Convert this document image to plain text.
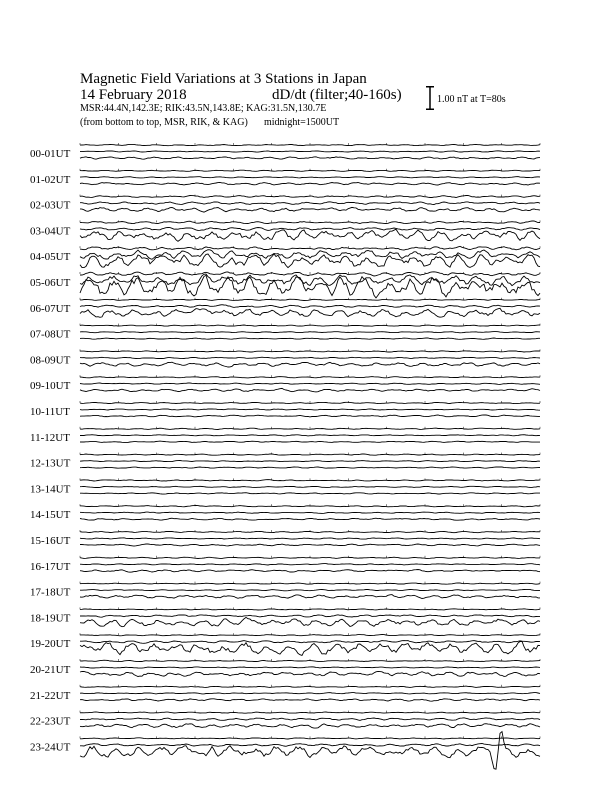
Magnetic Field Variations at 3 Stations in Japan
14 February 2018	dD/dt (filter;40-160s)
MSR:44.4N,142.3E; RIK:43.5N,143.8E; KAG:31.5N,130.7E
(from bottom to top, MSR, RIK, & KAG) midnight=1500UT
1.00 nT at T=80s
00-01UT
01-02UT
02-03UT
03-04UT
04-05UT
05-06UT
06-07UT
07-08UT
08-09UT
09-10UT
10-11UT
11-12UT
12-13UT
13-14UT
14-15UT
15-16UT
16-17UT
17-18UT
18-19UT
19-20UT
20-21UT
21-22UT
22-23UT
23-24UT
